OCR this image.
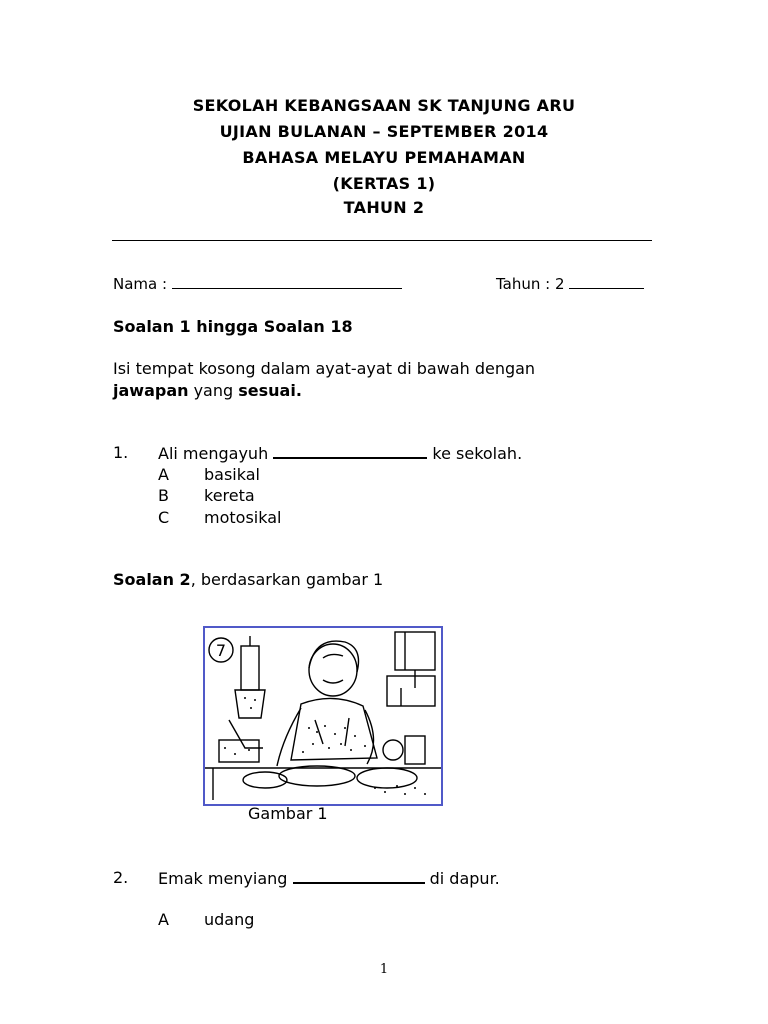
SEKOLAH KEBANGSAAN SK TANJUNG ARU
UJIAN BULANAN – SEPTEMBER 2014
BAHASA MELAYU PEMAHAMAN
(KERTAS 1)
TAHUN 2
Nama :	Tahun : 2
Soalan 1 hingga Soalan 18
Isi tempat kosong dalam ayat-ayat di bawah dengan
jawapan yang sesuai.
1. Ali mengayuh	ke sekolah.
A basikal
B kereta
C motosikal
Soalan 2, berdasarkan gambar 1
7
Gambar 1
2. Emak menyiang	di dapur.
A udang
1
